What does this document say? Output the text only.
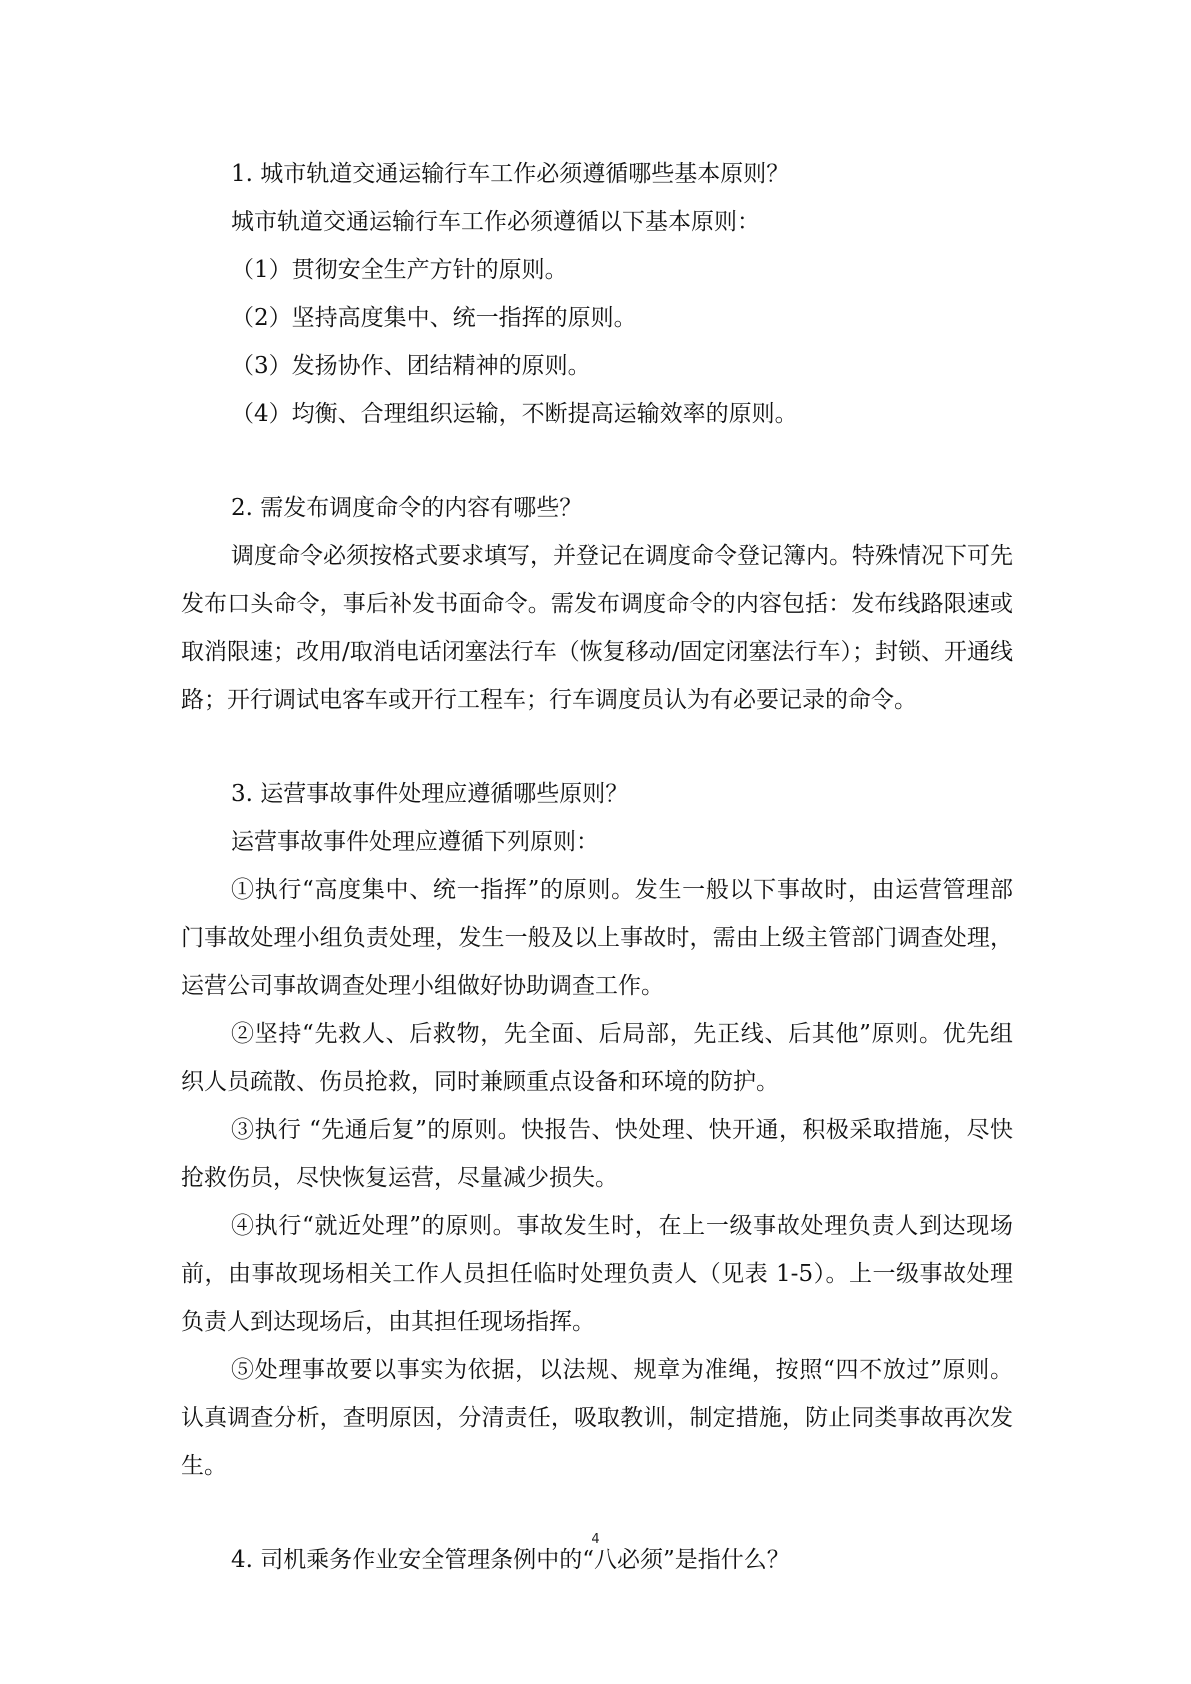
1. 城市轨道交通运输行车工作必须遵循哪些基本原则？

城市轨道交通运输行车工作必须遵循以下基本原则：

（1）贯彻安全生产方针的原则。

（2）坚持高度集中、统一指挥的原则。

（3）发扬协作、团结精神的原则。

（4）均衡、合理组织运输，不断提高运输效率的原则。

2. 需发布调度命令的内容有哪些？

调度命令必须按格式要求填写，并登记在调度命令登记簿内。特殊情况下可先发布口头命令，事后补发书面命令。需发布调度命令的内容包括：发布线路限速或取消限速；改用/取消电话闭塞法行车（恢复移动/固定闭塞法行车）；封锁、开通线路；开行调试电客车或开行工程车；行车调度员认为有必要记录的命令。

3. 运营事故事件处理应遵循哪些原则？

运营事故事件处理应遵循下列原则：

①执行“高度集中、统一指挥”的原则。发生一般以下事故时，由运营管理部门事故处理小组负责处理，发生一般及以上事故时，需由上级主管部门调查处理，运营公司事故调查处理小组做好协助调查工作。

②坚持“先救人、后救物，先全面、后局部，先正线、后其他”原则。优先组织人员疏散、伤员抢救，同时兼顾重点设备和环境的防护。

③执行 “先通后复”的原则。快报告、快处理、快开通，积极采取措施，尽快抢救伤员，尽快恢复运营，尽量减少损失。

④执行“就近处理”的原则。事故发生时，在上一级事故处理负责人到达现场前，由事故现场相关工作人员担任临时处理负责人（见表 1-5）。上一级事故处理负责人到达现场后，由其担任现场指挥。

⑤处理事故要以事实为依据，以法规、规章为准绳，按照“四不放过”原则。认真调查分析，查明原因，分清责任，吸取教训，制定措施，防止同类事故再次发生。

4. 司机乘务作业安全管理条例中的“八必须”是指什么？

4
